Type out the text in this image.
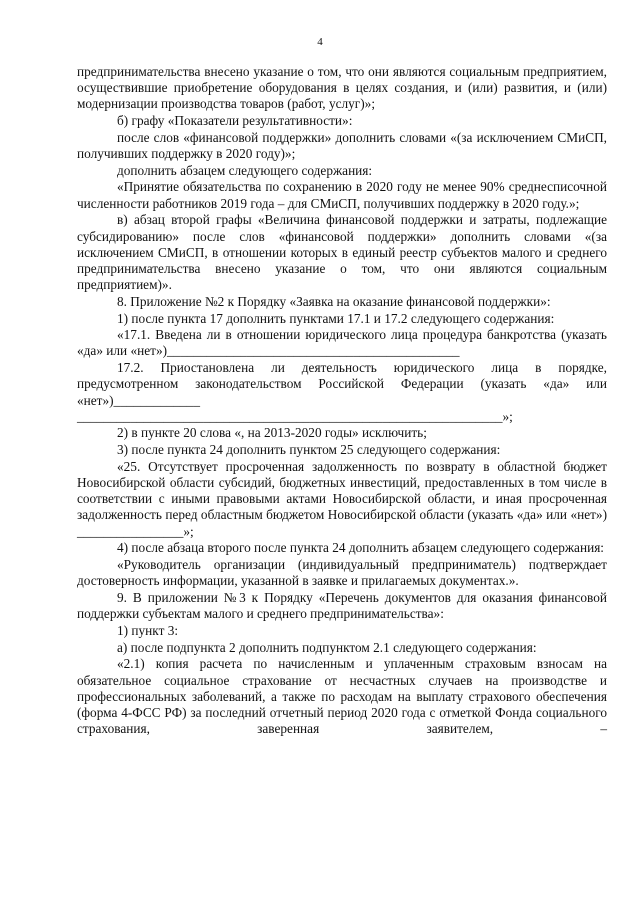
4

предпринимательства внесено указание о том, что они являются социальным предприятием, осуществившие приобретение оборудования в целях создания, и (или) развития, и (или) модернизации производства товаров (работ, услуг)»;

б) графу «Показатели результативности»:

после слов «финансовой поддержки» дополнить словами «(за исключением СМиСП, получивших поддержку в 2020 году)»;

дополнить абзацем следующего содержания:

«Принятие обязательства по сохранению в 2020 году не менее 90% среднесписочной численности работников 2019 года – для СМиСП, получивших поддержку в 2020 году.»;

в) абзац второй графы «Величина финансовой поддержки и затраты, подлежащие субсидированию» после слов «финансовой поддержки» дополнить словами «(за исключением СМиСП, в отношении которых в единый реестр субъектов малого и среднего предпринимательства внесено указание о том, что они являются социальным предприятием)».

8. Приложение №2 к Порядку «Заявка на оказание финансовой поддержки»:

1) после пункта 17 дополнить пунктами 17.1 и 17.2 следующего содержания:

«17.1. Введена ли в отношении юридического лица процедура банкротства (указать «да» или «нет»)____________________________________________

17.2. Приостановлена ли деятельность юридического лица в порядке, предусмотренном законодательством Российской Федерации (указать «да» или «нет»)_____________ ________________________________________________________________»;

2) в пункте 20 слова «, на 2013-2020 годы» исключить;

3) после пункта 24 дополнить пунктом 25 следующего содержания:

«25. Отсутствует просроченная задолженность по возврату в областной бюджет Новосибирской области субсидий, бюджетных инвестиций, предоставленных в том числе в соответствии с иными правовыми актами Новосибирской области, и иная просроченная задолженность перед областным бюджетом Новосибирской области (указать «да» или «нет») ________________»;

4) после абзаца второго после пункта 24 дополнить абзацем следующего содержания:

«Руководитель организации (индивидуальный предприниматель) подтверждает достоверность информации, указанной в заявке и прилагаемых документах.».

9. В приложении №3 к Порядку «Перечень документов для оказания финансовой поддержки субъектам малого и среднего предпринимательства»:

1) пункт 3:

а) после подпункта 2 дополнить подпунктом 2.1 следующего содержания:

«2.1) копия расчета по начисленным и уплаченным страховым взносам на обязательное социальное страхование от несчастных случаев на производстве и профессиональных заболеваний, а также по расходам на выплату страхового обеспечения (форма 4-ФСС РФ) за последний отчетный период 2020 года с отметкой Фонда социального страхования, заверенная заявителем, –
